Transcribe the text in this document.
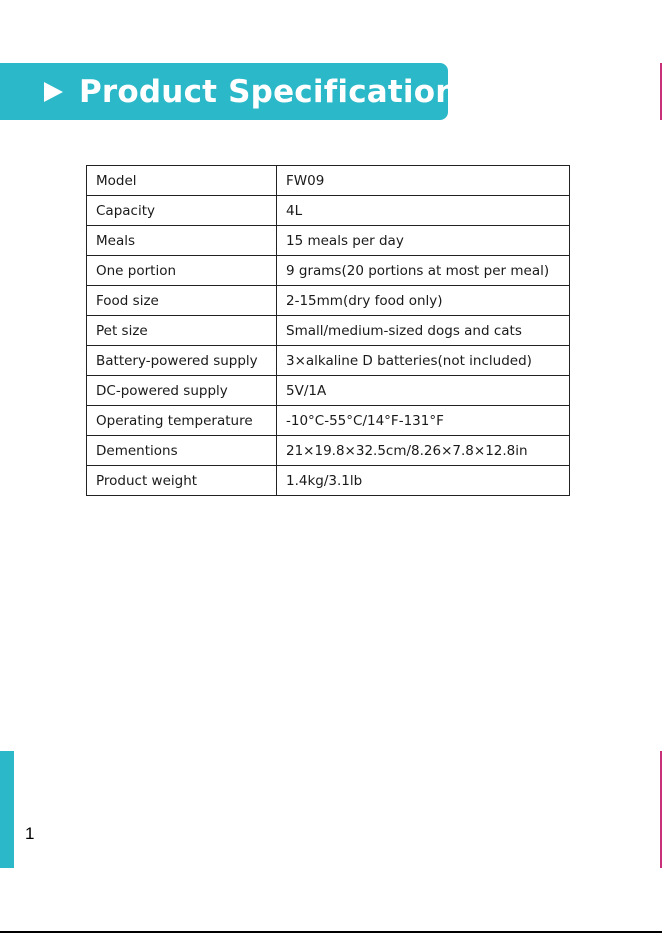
Product Specification
Model	FW09
Capacity	4L
Meals	15 meals per day
One portion	9 grams(20 portions at most per meal)
Food size	2-15mm(dry food only)
Pet size	Small/medium-sized dogs and cats
Battery-powered supply	3×alkaline D batteries(not included)
DC-powered supply	5V/1A
Operating temperature	-10°C-55°C/14°F-131°F
Dementions	21×19.8×32.5cm/8.26×7.8×12.8in
Product weight	1.4kg/3.1lb
1
